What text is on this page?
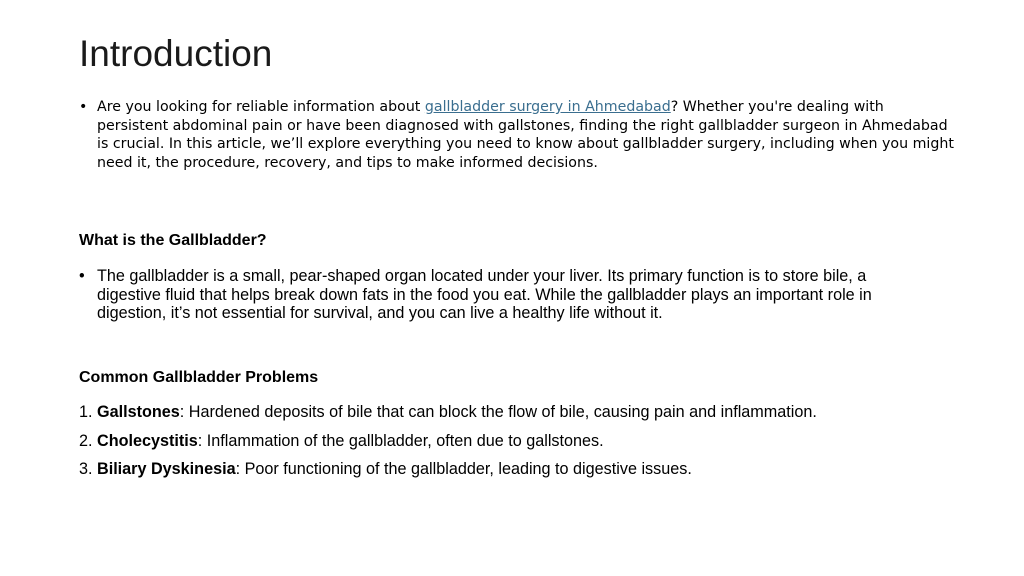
Introduction
• Are you looking for reliable information about gallbladder surgery in Ahmedabad? Whether you're dealing with persistent abdominal pain or have been diagnosed with gallstones, finding the right gallbladder surgeon in Ahmedabad is crucial. In this article, we’ll explore everything you need to know about gallbladder surgery, including when you might need it, the procedure, recovery, and tips to make informed decisions.
What is the Gallbladder?
• The gallbladder is a small, pear-shaped organ located under your liver. Its primary function is to store bile, a digestive fluid that helps break down fats in the food you eat. While the gallbladder plays an important role in digestion, it’s not essential for survival, and you can live a healthy life without it.
Common Gallbladder Problems
1. Gallstones: Hardened deposits of bile that can block the flow of bile, causing pain and inflammation.
2. Cholecystitis: Inflammation of the gallbladder, often due to gallstones.
3. Biliary Dyskinesia: Poor functioning of the gallbladder, leading to digestive issues.
